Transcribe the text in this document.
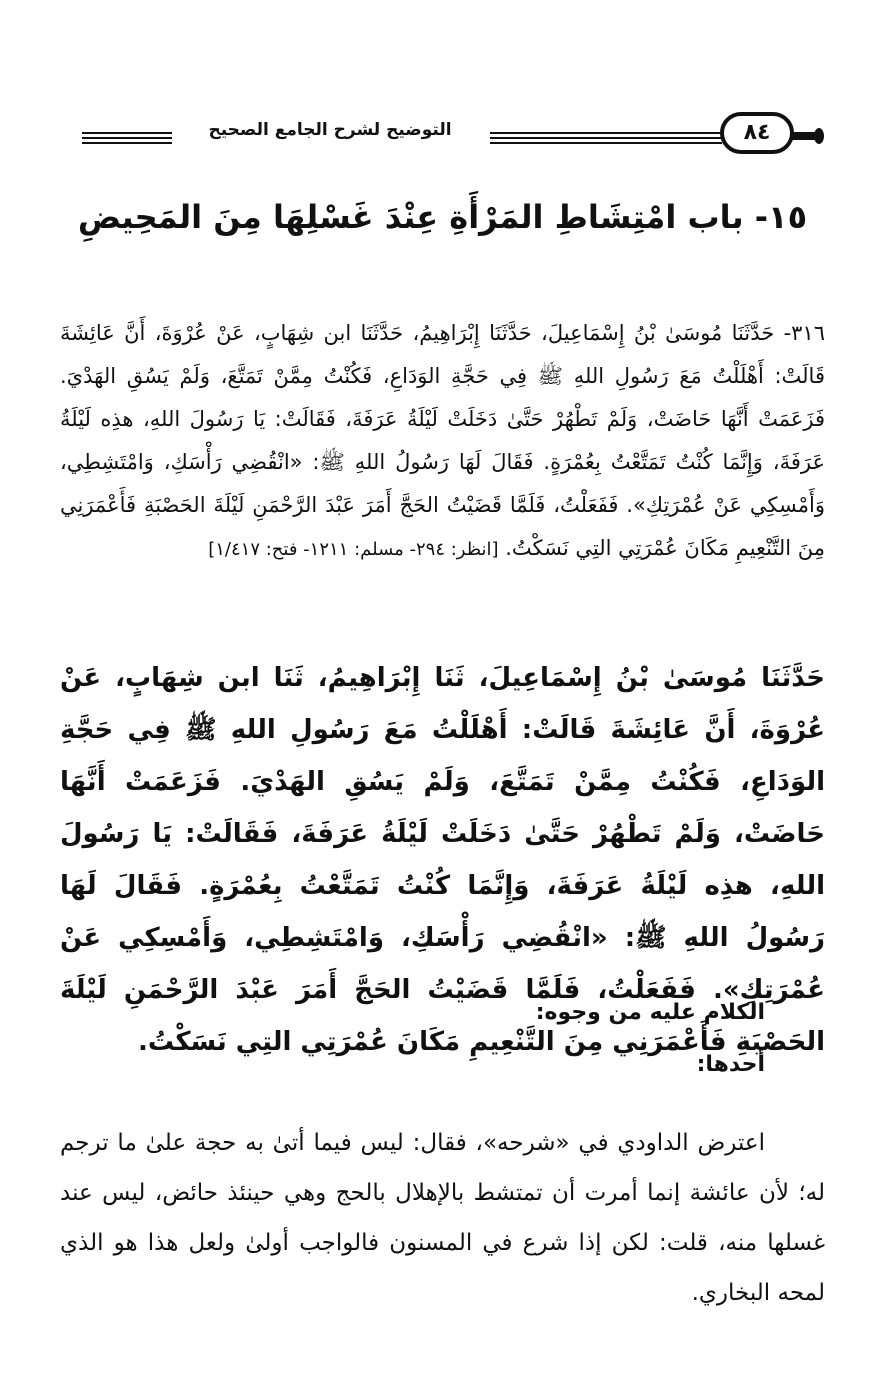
التوضيح لشرح الجامع الصحيح	٨٤
١٥- باب امْتِشَاطِ المَرْأَةِ عِنْدَ غَسْلِهَا مِنَ المَحِيضِ
٣١٦- حَدَّثَنَا مُوسَىٰ بْنُ إِسْمَاعِيلَ، حَدَّثَنَا إِبْرَاهِيمُ، حَدَّثَنَا ابن شِهَابٍ، عَنْ عُرْوَةَ، أَنَّ عَائِشَةَ قَالَتْ: أَهْلَلْتُ مَعَ رَسُولِ اللهِ ﷺ فِي حَجَّةِ الوَدَاعِ، فَكُنْتُ مِمَّنْ تَمَتَّعَ، وَلَمْ يَسُقِ الهَدْيَ. فَزَعَمَتْ أَنَّهَا حَاضَتْ، وَلَمْ تَطْهُرْ حَتَّىٰ دَخَلَتْ لَيْلَةُ عَرَفَةَ، فَقَالَتْ: يَا رَسُولَ اللهِ، هذِه لَيْلَةُ عَرَفَةَ، وَإِنَّمَا كُنْتُ تَمَتَّعْتُ بِعُمْرَةٍ. فَقَالَ لَهَا رَسُولُ اللهِ ﷺ: «انْقُضِي رَأْسَكِ، وَامْتَشِطِي، وَأَمْسِكِي عَنْ عُمْرَتِكِ». فَفَعَلْتُ، فَلَمَّا قَضَيْتُ الحَجَّ أَمَرَ عَبْدَ الرَّحْمَنِ لَيْلَةَ الحَصْبَةِ فَأَعْمَرَنِي مِنَ التَّنْعِيمِ مَكَانَ عُمْرَتِي التِي نَسَكْتُ. [انظر: ٢٩٤- مسلم: ١٢١١- فتح: ١/٤١٧]
حَدَّثَنَا مُوسَىٰ بْنُ إِسْمَاعِيلَ، ثَنَا إِبْرَاهِيمُ، ثَنَا ابن شِهَابٍ، عَنْ عُرْوَةَ، أَنَّ عَائِشَةَ قَالَتْ: أَهْلَلْتُ مَعَ رَسُولِ اللهِ ﷺ فِي حَجَّةِ الوَدَاعِ، فَكُنْتُ مِمَّنْ تَمَتَّعَ، وَلَمْ يَسُقِ الهَدْيَ. فَزَعَمَتْ أَنَّهَا حَاضَتْ، وَلَمْ تَطْهُرْ حَتَّىٰ دَخَلَتْ لَيْلَةُ عَرَفَةَ، فَقَالَتْ: يَا رَسُولَ اللهِ، هذِه لَيْلَةُ عَرَفَةَ، وَإِنَّمَا كُنْتُ تَمَتَّعْتُ بِعُمْرَةٍ. فَقَالَ لَهَا رَسُولُ اللهِ ﷺ: «انْقُضِي رَأْسَكِ، وَامْتَشِطِي، وَأَمْسِكِي عَنْ عُمْرَتِكِ». فَفَعَلْتُ، فَلَمَّا قَضَيْتُ الحَجَّ أَمَرَ عَبْدَ الرَّحْمَنِ لَيْلَةَ الحَصْبَةِ فَأَعْمَرَنِي مِنَ التَّنْعِيمِ مَكَانَ عُمْرَتِي التِي نَسَكْتُ.
الكلام عليه من وجوه:
أحدها:

اعترض الداودي في «شرحه»، فقال: ليس فيما أتىٰ به حجة علىٰ ما ترجم له؛ لأن عائشة إنما أمرت أن تمتشط بالإهلال بالحج وهي حينئذ حائض، ليس عند غسلها منه، قلت: لكن إذا شرع في المسنون فالواجب أولىٰ ولعل هذا هو الذي لمحه البخاري.
